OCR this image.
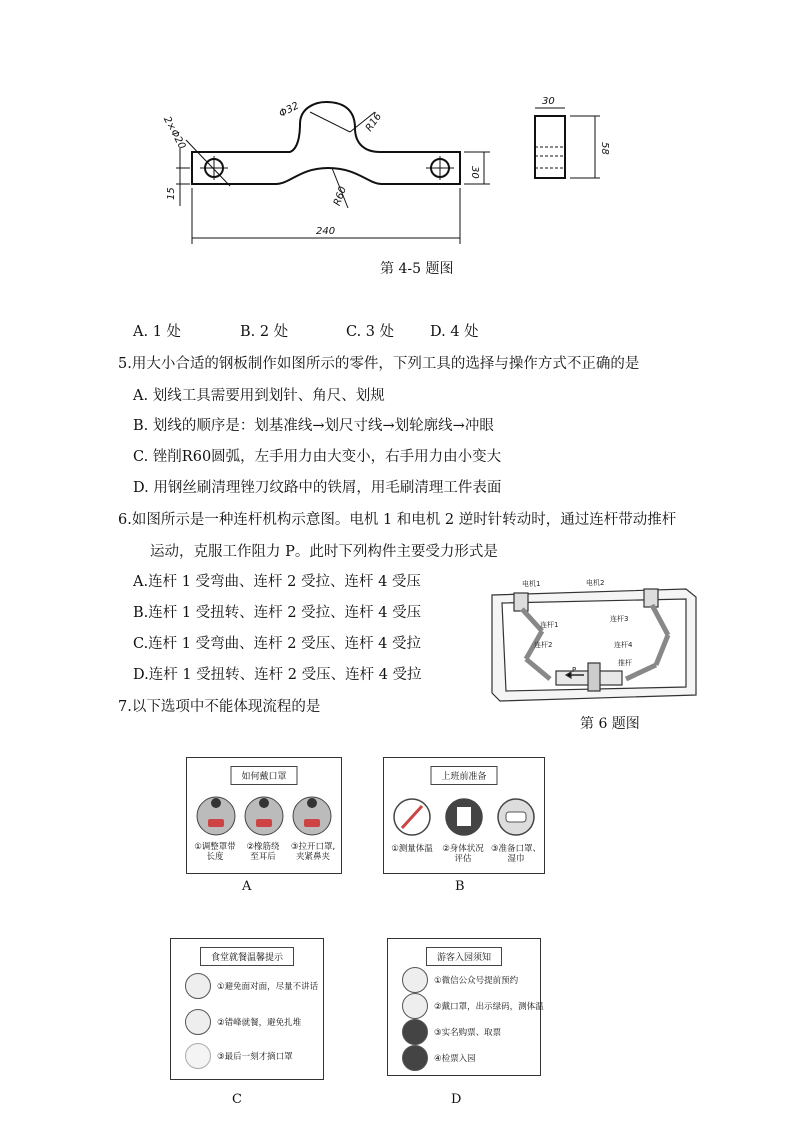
2×Φ20
Φ32
R16
R60
30
15
240
30
58
第 4-5 题图
A. 1 处	B. 2 处	C. 3 处 D. 4 处
5.用大小合适的钢板制作如图所示的零件，下列工具的选择与操作方式不正确的是
A. 划线工具需要用到划针、角尺、划规
B. 划线的顺序是：划基准线→划尺寸线→划轮廓线→冲眼
C. 锉削R60圆弧，左手用力由大变小，右手用力由小变大
D. 用钢丝刷清理锉刀纹路中的铁屑，用毛刷清理工件表面
6.如图所示是一种连杆机构示意图。电机 1 和电机 2 逆时针转动时，通过连杆带动推杆
运动，克服工作阻力 P。此时下列构件主要受力形式是
A.连杆 1 受弯曲、连杆 2 受拉、连杆 4 受压
B.连杆 1 受扭转、连杆 2 受拉、连杆 4 受压
C.连杆 1 受弯曲、连杆 2 受压、连杆 4 受拉
D.连杆 1 受扭转、连杆 2 受压、连杆 4 受拉
电机1	电机2
连杆1
连杆2
连杆3
连杆4
P
推杆
第 6 题图
7.以下选项中不能体现流程的是
如何戴口罩
①调整罩带
长度
②橡筋绕
至耳后
③拉开口罩,
夹紧鼻夹
A
上班前准备
①测量体温	②身体状况
评估
③准备口罩、
湿巾
B
食堂就餐温馨提示
①避免面对面，尽量不讲话
②错峰就餐，避免扎堆
③最后一刻才摘口罩
C
游客入园须知
①微信公众号提前预约
②戴口罩，出示绿码，测体温
③实名购票、取票
④检票入园
D
